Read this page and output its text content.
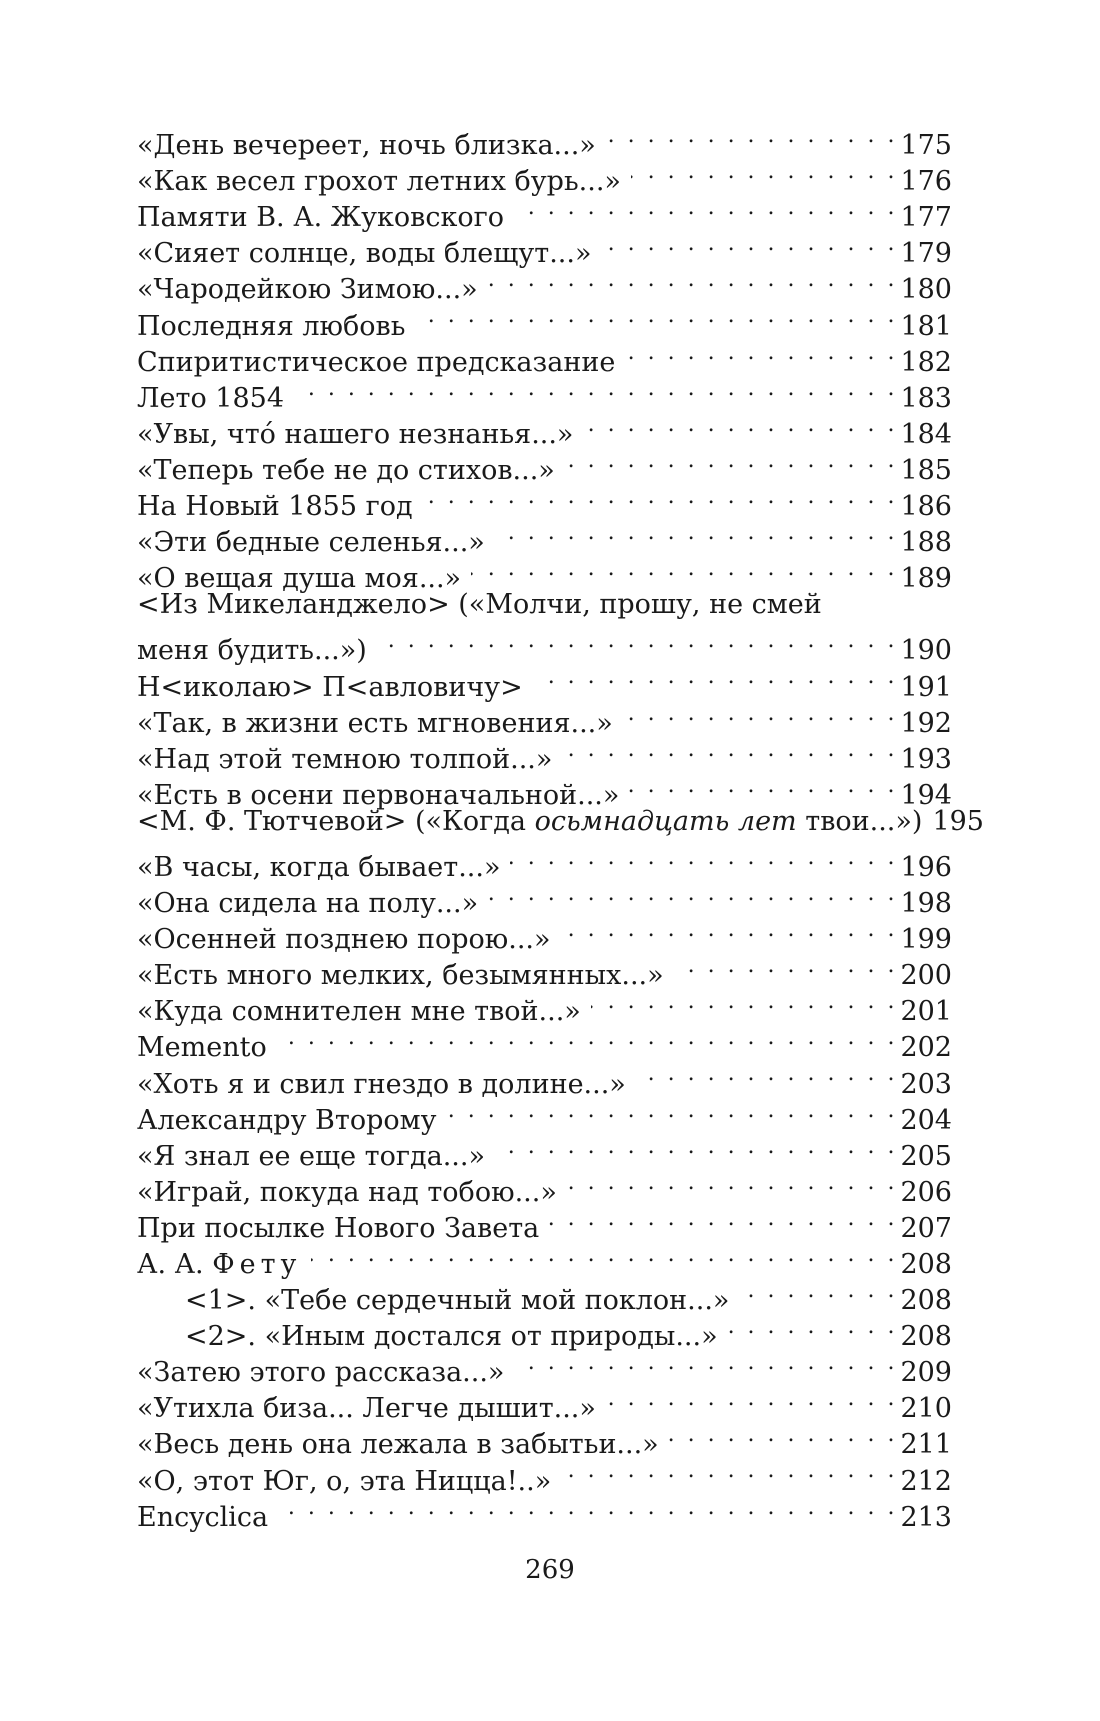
«День вечереет, ночь близка...» . . .	175
«Как весел грохот летних бурь...» . . .	176
Памяти В. А. Жуковского . . .	177
«Сияет солнце, воды блещут...» . . .	179
«Чародейкою Зимою...» . . .	180
Последняя любовь . . .	181
Спиритистическое предсказание . . .	182
Лето 1854 . . .	183
«Увы, что́ нашего незнанья...» . . .	184
«Теперь тебе не до стихов...» . . .	185
На Новый 1855 год . . .	186
«Эти бедные селенья...» . . .	188
«О вещая душа моя...» . . .	189
<Из Микеланджело> («Молчи, прошу, не смей
меня будить...») . . .	190
Н<иколаю> П<авловичу> . . .	191
«Так, в жизни есть мгновения...» . . .	192
«Над этой темною толпой...» . . .	193
«Есть в осени первоначальной...» . . .	194
<М. Ф. Тютчевой> («Когда осьмнадцать лет твои...») 195
«В часы, когда бывает...» . . .	196
«Она сидела на полу...» . . .	198
«Осенней позднею порою...» . . .	199
«Есть много мелких, безымянных...» . . .	200
«Куда сомнителен мне твой...» . . .	201
Memento . . .	202
«Хоть я и свил гнездо в долине...» . . .	203
Александру Второму . . .	204
«Я знал ее еще тогда...» . . .	205
«Играй, покуда над тобою...» . . .	206
При посылке Нового Завета . . .	207
А. А. Фету . . .	208
<1>. «Тебе сердечный мой поклон...» . . .	208
<2>. «Иным достался от природы...» . . .	208
«Затею этого рассказа...» . . .	209
«Утихла биза... Легче дышит...» . . .	210
«Весь день она лежала в забытьи...» . . .	211
«О, этот Юг, о, эта Ницца!..» . . .	212
Encyclica . . .	213
269
